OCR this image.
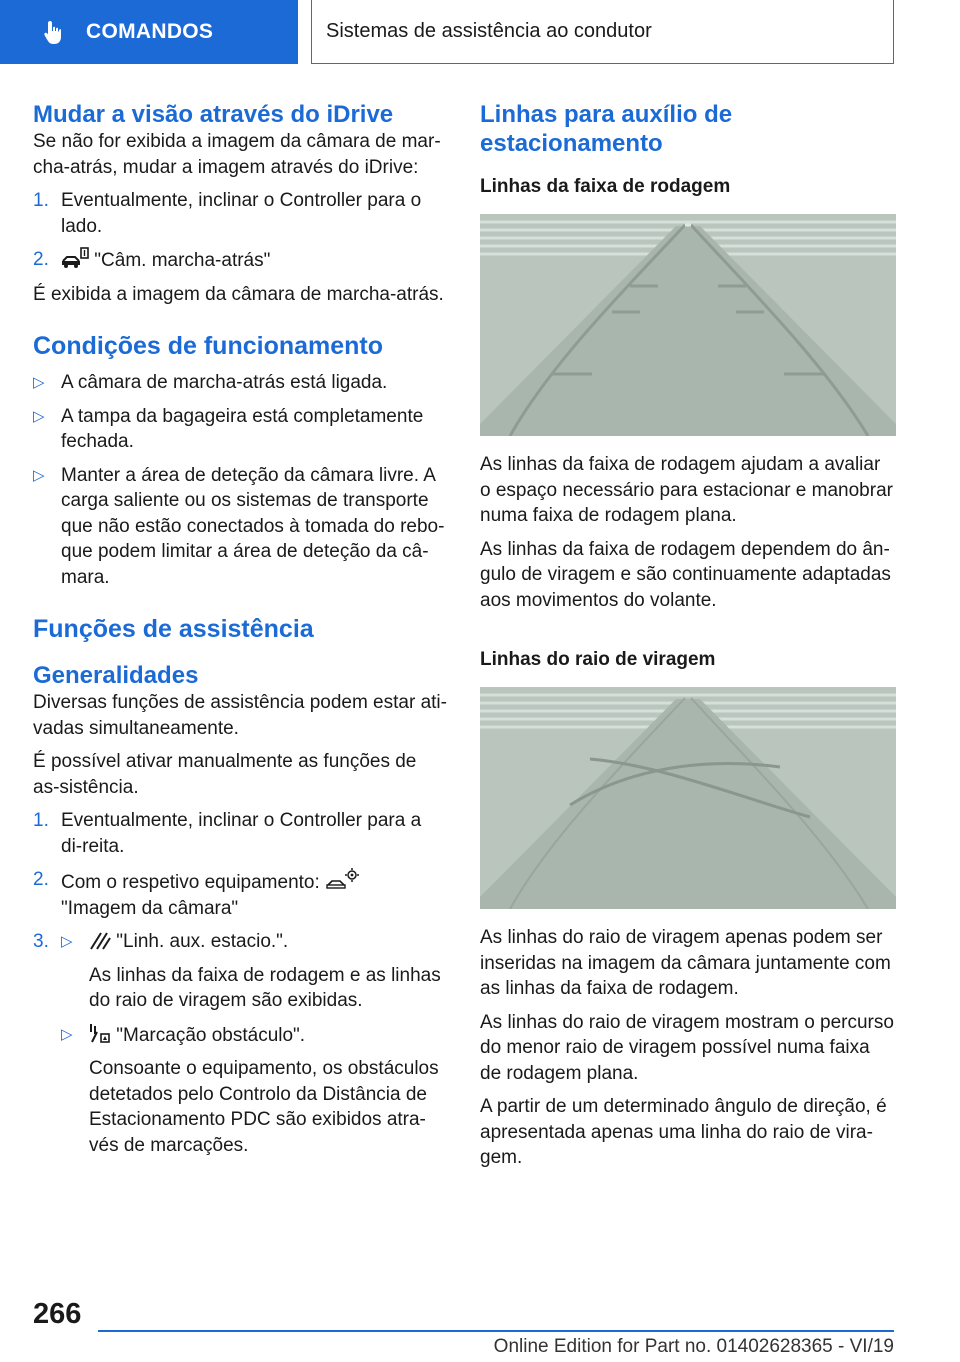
COMANDOS	Sistemas de assistência ao condutor
Mudar a visão através do iDrive

Se não for exibida a imagem da câmara de mar-cha-atrás, mudar a imagem através do iDrive:

1. Eventualmente, inclinar o Controller para o lado.
2.	"Câm. marcha-atrás"

É exibida a imagem da câmara de marcha-atrás.

Condições de funcionamento
▷ A câmara de marcha-atrás está ligada.
▷ A tampa da bagageira está completamente fechada.
▷ Manter a área de deteção da câmara livre. A carga saliente ou os sistemas de transporte que não estão conectados à tomada do rebo-que podem limitar a área de deteção da câ-mara.
Funções de assistência
Generalidades

Diversas funções de assistência podem estar ati-vadas simultaneamente.

É possível ativar manualmente as funções de as-sistência.

1. Eventualmente, inclinar o Controller para a di-reita.
2. Com o respetivo equipamento:
"Imagem da câmara"
3. ▷	"Linh. aux. estacio.".
As linhas da faixa de rodagem e as linhas do raio de viragem são exibidas.
▷	"Marcação obstáculo".
Consoante o equipamento, os obstáculos detetados pelo Controlo da Distância de Estacionamento PDC são exibidos atra-vés de marcações.
Linhas para auxílio de estacionamento
Linhas da faixa de rodagem

As linhas da faixa de rodagem ajudam a avaliar o espaço necessário para estacionar e manobrar numa faixa de rodagem plana.

As linhas da faixa de rodagem dependem do ân-gulo de viragem e são continuamente adaptadas aos movimentos do volante.

Linhas do raio de viragem

As linhas do raio de viragem apenas podem ser inseridas na imagem da câmara juntamente com as linhas da faixa de rodagem.

As linhas do raio de viragem mostram o percurso do menor raio de viragem possível numa faixa de rodagem plana.

A partir de um determinado ângulo de direção, é apresentada apenas uma linha do raio de vira-gem.

266
Online Edition for Part no. 01402628365 - VI/19
